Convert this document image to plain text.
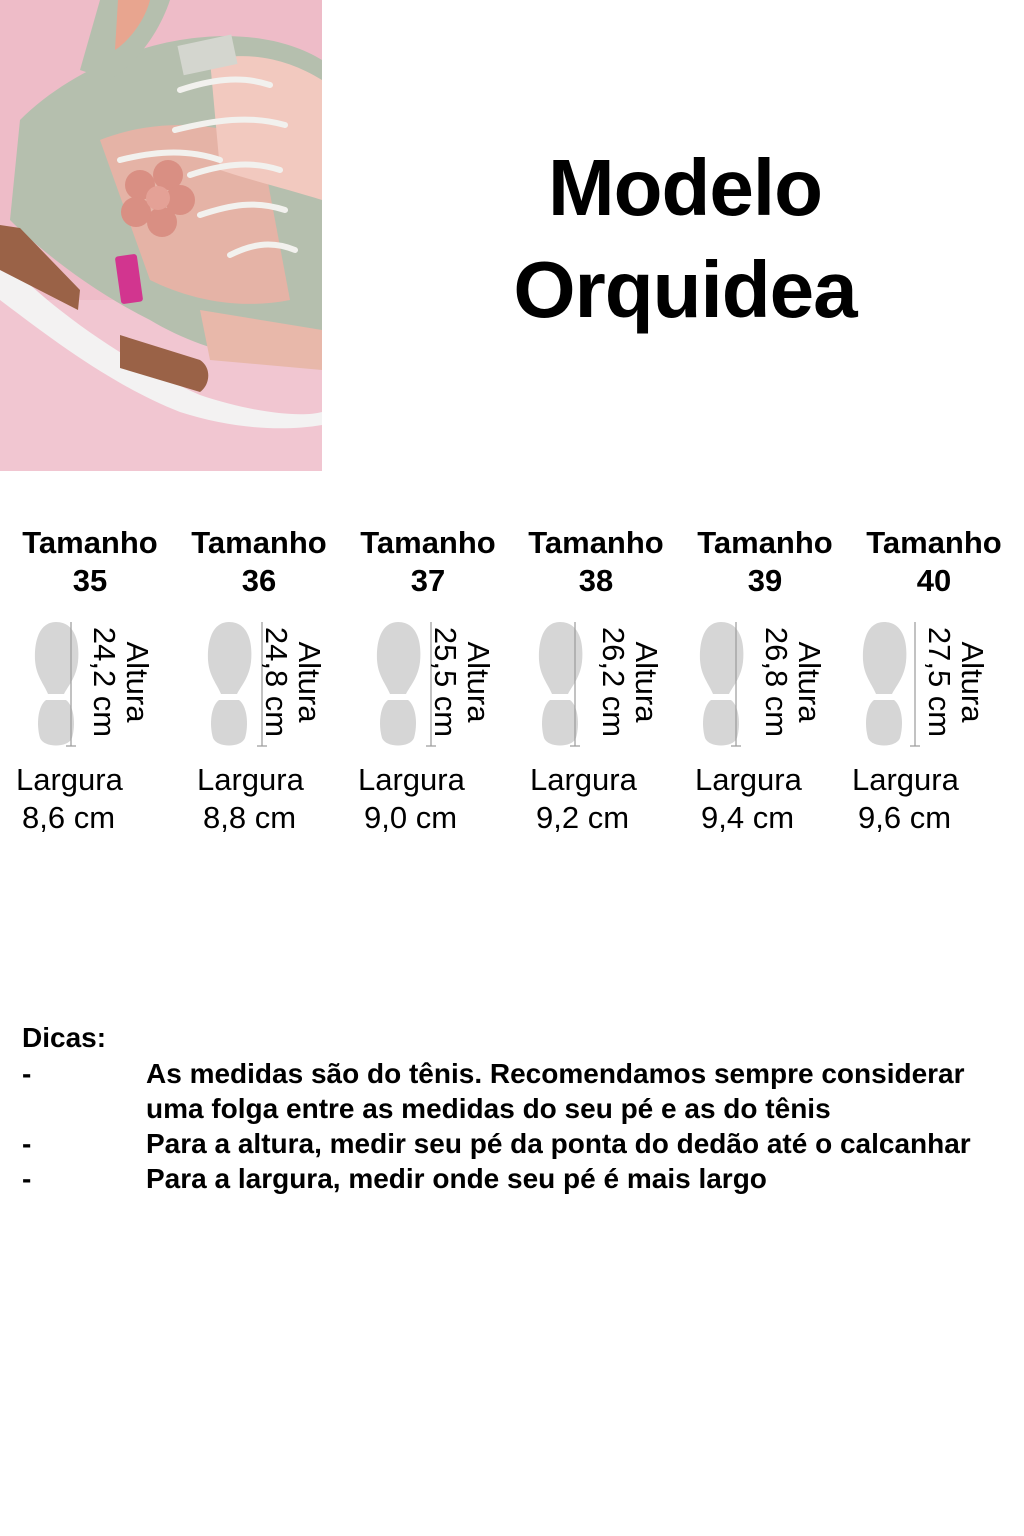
Modelo
Orquidea
Tamanho
35
Altura
24,2 cm
Largura
8,6 cm
Tamanho
36
Altura
24,8 cm
Largura
8,8 cm
Tamanho
37
Altura
25,5 cm
Largura
9,0 cm
Tamanho
38
Altura
26,2 cm
Largura
9,2 cm
Tamanho
39
Altura
26,8 cm
Largura
9,4 cm
Tamanho
40
Altura
27,5 cm
Largura
9,6 cm
Dicas:
-	As medidas são do tênis. Recomendamos sempre considerar uma folga entre as medidas do seu pé e as do tênis
-	Para a altura, medir seu pé da ponta do dedão até o calcanhar
-	Para a largura, medir onde seu pé é mais largo
